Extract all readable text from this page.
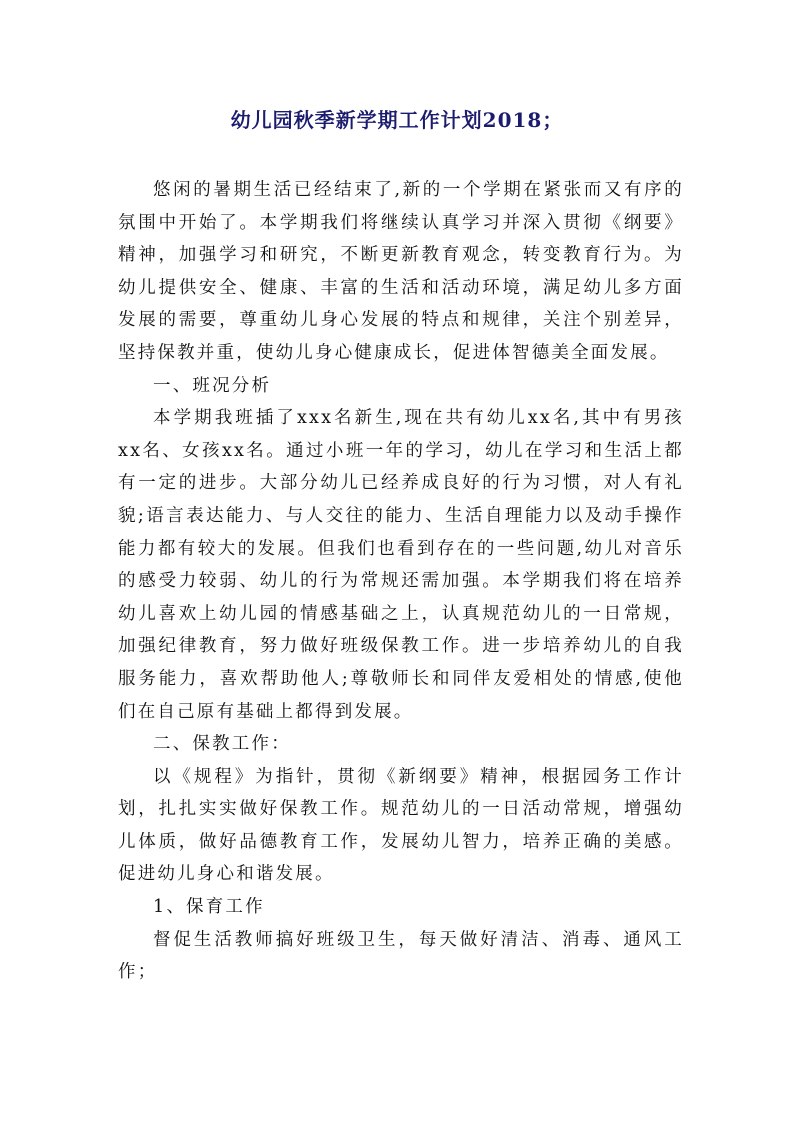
幼儿园秋季新学期工作计划2018；

悠闲的暑期生活已经结束了,新的一个学期在紧张而又有序的氛围中开始了。本学期我们将继续认真学习并深入贯彻《纲要》精神，加强学习和研究，不断更新教育观念，转变教育行为。为幼儿提供安全、健康、丰富的生活和活动环境，满足幼儿多方面发展的需要，尊重幼儿身心发展的特点和规律，关注个别差异，坚持保教并重，使幼儿身心健康成长，促进体智德美全面发展。

一、班况分析

本学期我班插了xxx名新生,现在共有幼儿xx名,其中有男孩xx名、女孩xx名。通过小班一年的学习，幼儿在学习和生活上都有一定的进步。大部分幼儿已经养成良好的行为习惯，对人有礼貌;语言表达能力、与人交往的能力、生活自理能力以及动手操作能力都有较大的发展。但我们也看到存在的一些问题,幼儿对音乐的感受力较弱、幼儿的行为常规还需加强。本学期我们将在培养幼儿喜欢上幼儿园的情感基础之上，认真规范幼儿的一日常规，加强纪律教育，努力做好班级保教工作。进一步培养幼儿的自我服务能力，喜欢帮助他人;尊敬师长和同伴友爱相处的情感,使他们在自己原有基础上都得到发展。

二、保教工作：

以《规程》为指针，贯彻《新纲要》精神，根据园务工作计划，扎扎实实做好保教工作。规范幼儿的一日活动常规，增强幼儿体质，做好品德教育工作，发展幼儿智力，培养正确的美感。促进幼儿身心和谐发展。

1、保育工作

督促生活教师搞好班级卫生，每天做好清洁、消毒、通风工作；
